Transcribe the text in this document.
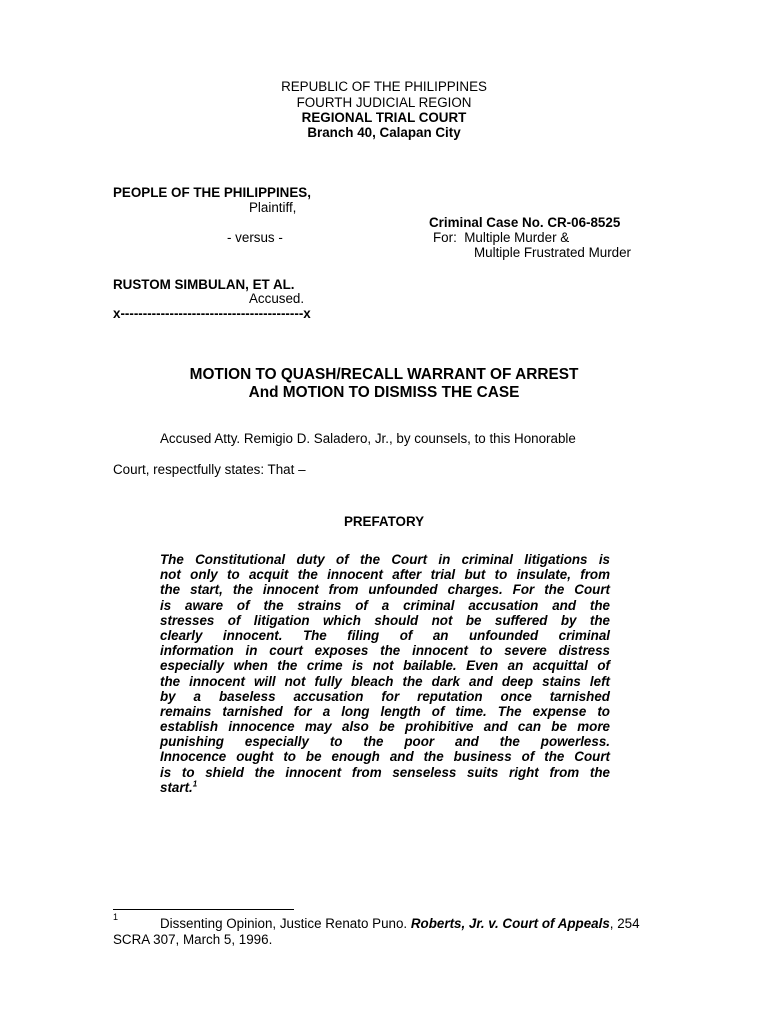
REPUBLIC OF THE PHILIPPINES
FOURTH JUDICIAL REGION
REGIONAL TRIAL COURT
Branch 40, Calapan City
PEOPLE OF THE PHILIPPINES,
Plaintiff,
Criminal Case No. CR-06-8525
- versus -	For:  Multiple Murder &
Multiple Frustrated Murder
RUSTOM SIMBULAN, ET AL.
Accused.
x-----------------------------------------x
MOTION TO QUASH/RECALL WARRANT OF ARREST
And MOTION TO DISMISS THE CASE
Accused Atty. Remigio D. Saladero, Jr., by counsels, to this Honorable
Court, respectfully states: That –
PREFATORY
The Constitutional duty of the Court in criminal litigations is
not only to acquit the innocent after trial but to insulate, from
the start, the innocent from unfounded charges. For the Court
is aware of the strains of a criminal accusation and the
stresses of litigation which should not be suffered by the
clearly innocent. The filing of an unfounded criminal
information in court exposes the innocent to severe distress
especially when the crime is not bailable. Even an acquittal of
the innocent will not fully bleach the dark and deep stains left
by a baseless accusation for reputation once tarnished
remains tarnished for a long length of time. The expense to
establish innocence may also be prohibitive and can be more
punishing especially to the poor and the powerless.
Innocence ought to be enough and the business of the Court
is to shield the innocent from senseless suits right from the
start.$^1$
1	Dissenting Opinion, Justice Renato Puno. Roberts, Jr. v. Court of Appeals, 254
SCRA 307, March 5, 1996.
